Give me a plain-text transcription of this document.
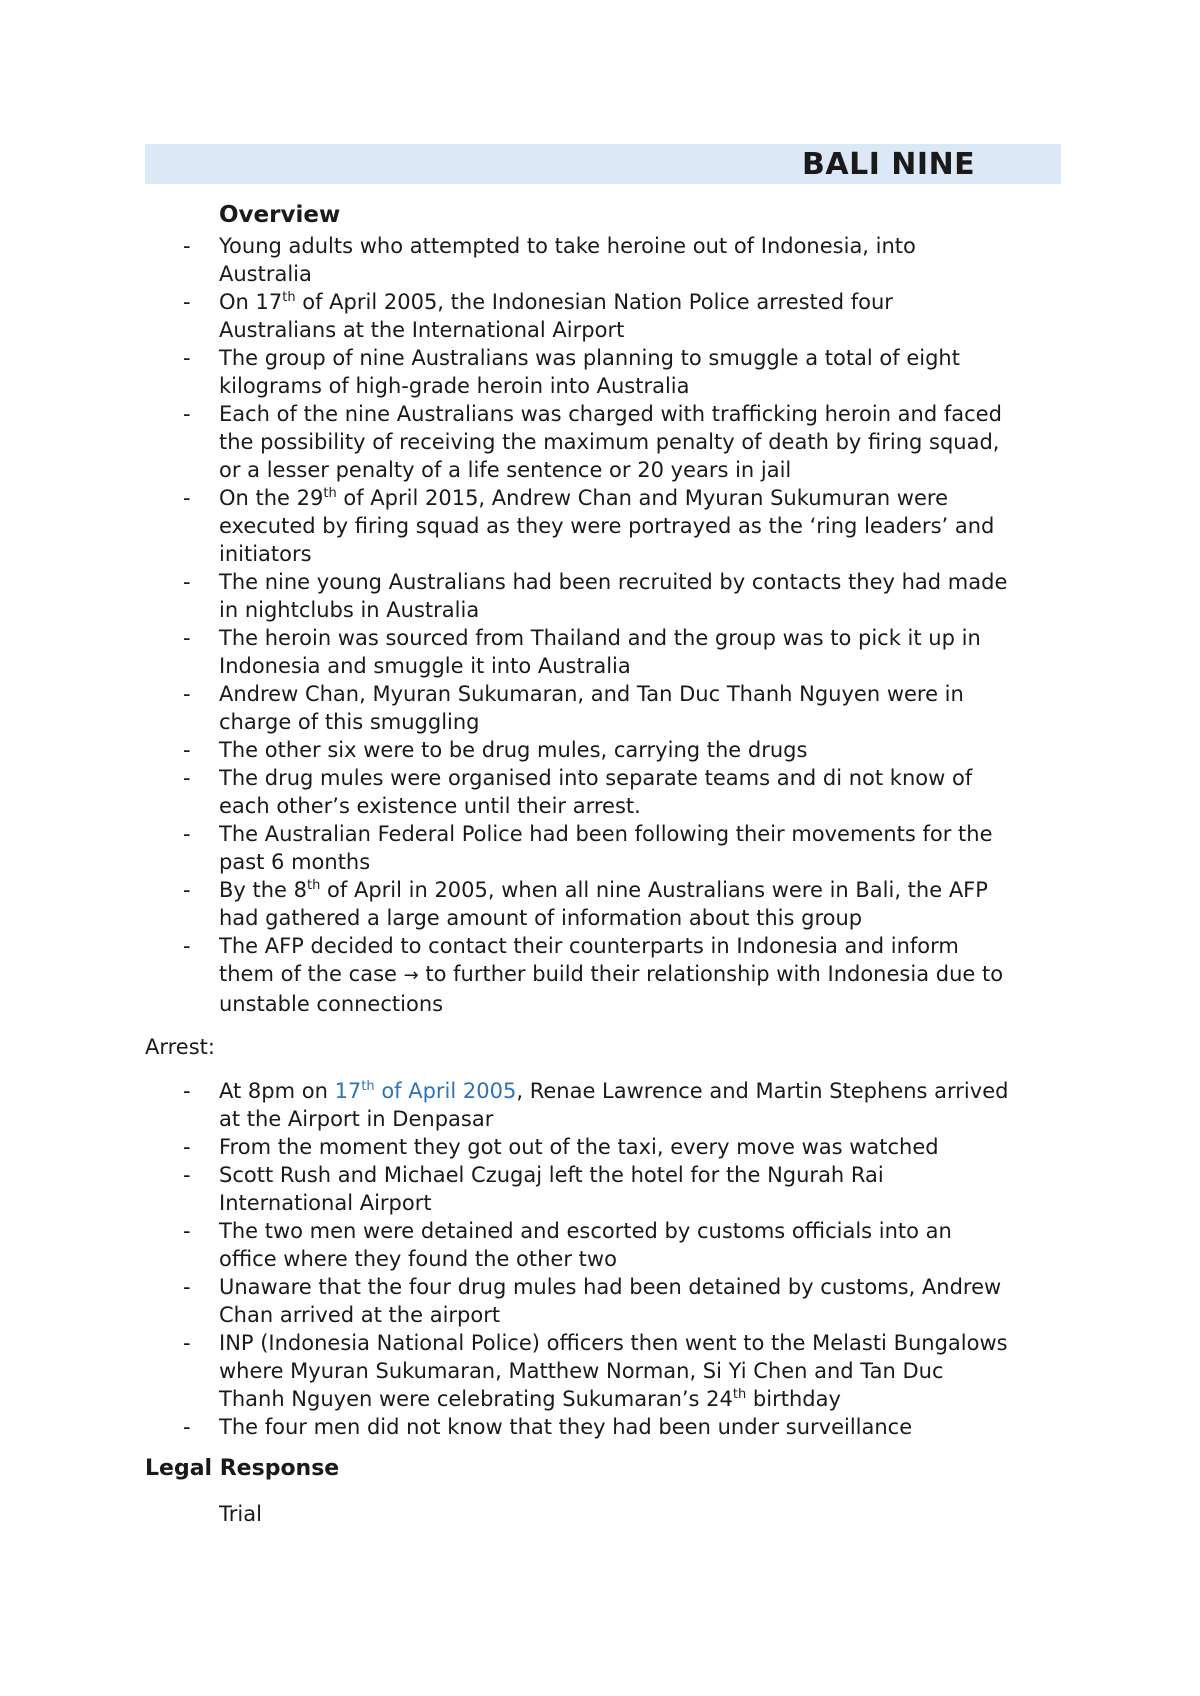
BALI NINE
Overview
-	Young adults who attempted to take heroine out of Indonesia, into
Australia
-	On 17th of April 2005, the Indonesian Nation Police arrested four
Australians at the International Airport
-	The group of nine Australians was planning to smuggle a total of eight
kilograms of high-grade heroin into Australia
-	Each of the nine Australians was charged with trafficking heroin and faced
the possibility of receiving the maximum penalty of death by firing squad,
or a lesser penalty of a life sentence or 20 years in jail
-	On the 29th of April 2015, Andrew Chan and Myuran Sukumuran were
executed by firing squad as they were portrayed as the ‘ring leaders’ and
initiators
-	The nine young Australians had been recruited by contacts they had made
in nightclubs in Australia
-	The heroin was sourced from Thailand and the group was to pick it up in
Indonesia and smuggle it into Australia
-	Andrew Chan, Myuran Sukumaran, and Tan Duc Thanh Nguyen were in
charge of this smuggling
-	The other six were to be drug mules, carrying the drugs
-	The drug mules were organised into separate teams and di not know of
each other’s existence until their arrest.
-	The Australian Federal Police had been following their movements for the
past 6 months
-	By the 8th of April in 2005, when all nine Australians were in Bali, the AFP
had gathered a large amount of information about this group
-	The AFP decided to contact their counterparts in Indonesia and inform
them of the case → to further build their relationship with Indonesia due to
unstable connections
Arrest:
-	At 8pm on 17th of April 2005, Renae Lawrence and Martin Stephens arrived
at the Airport in Denpasar
-	From the moment they got out of the taxi, every move was watched
-	Scott Rush and Michael Czugaj left the hotel for the Ngurah Rai
International Airport
-	The two men were detained and escorted by customs officials into an
office where they found the other two
-	Unaware that the four drug mules had been detained by customs, Andrew
Chan arrived at the airport
-	INP (Indonesia National Police) officers then went to the Melasti Bungalows
where Myuran Sukumaran, Matthew Norman, Si Yi Chen and Tan Duc
Thanh Nguyen were celebrating Sukumaran’s 24th birthday
-	The four men did not know that they had been under surveillance
Legal Response
Trial
